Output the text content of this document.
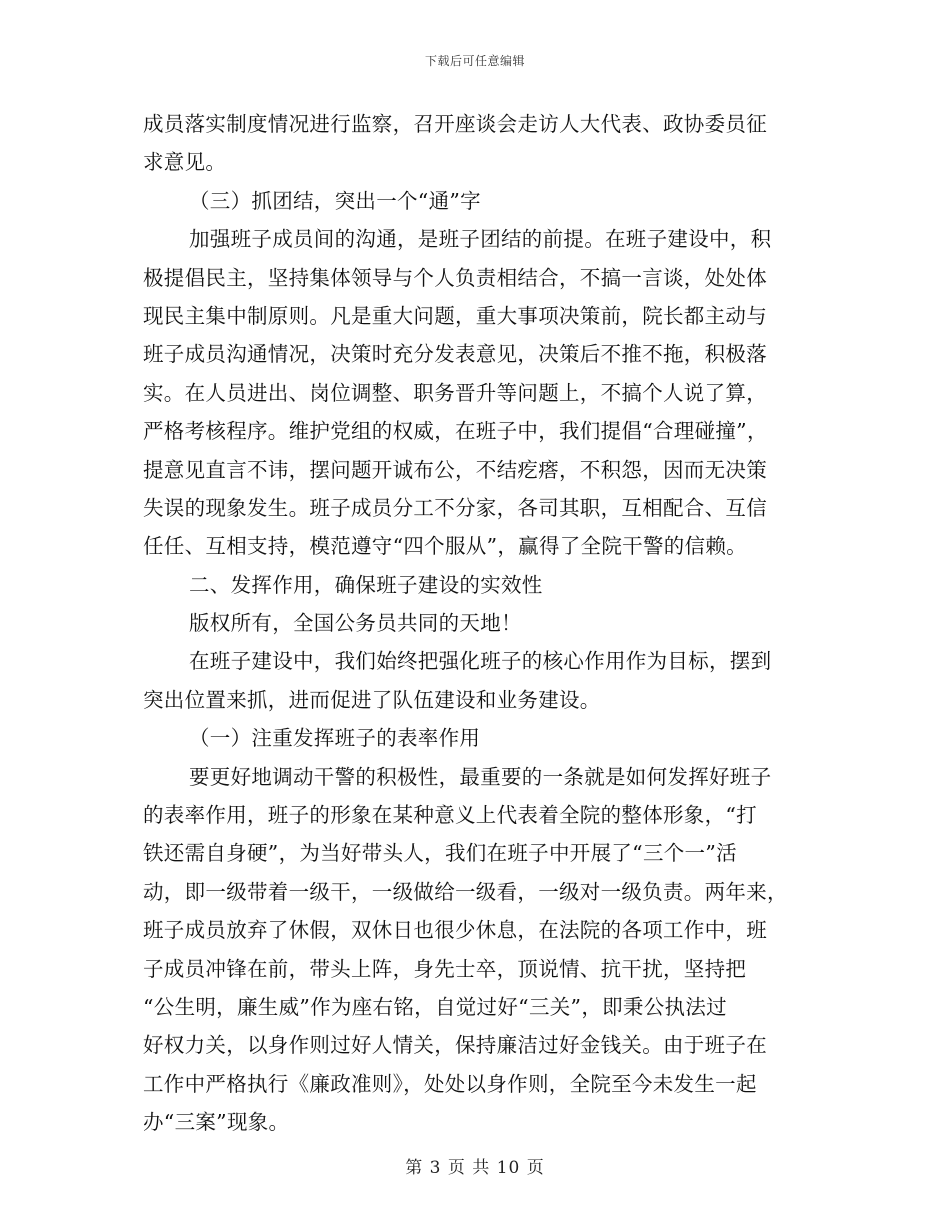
下载后可任意编辑
成员落实制度情况进行监察，召开座谈会走访人大代表、政协委员征
求意见。
（三）抓团结，突出一个“通”字
加强班子成员间的沟通，是班子团结的前提。在班子建设中，积
极提倡民主，坚持集体领导与个人负责相结合，不搞一言谈，处处体
现民主集中制原则。凡是重大问题，重大事项决策前，院长都主动与
班子成员沟通情况，决策时充分发表意见，决策后不推不拖，积极落
实。在人员进出、岗位调整、职务晋升等问题上，不搞个人说了算，
严格考核程序。维护党组的权威，在班子中，我们提倡“合理碰撞”，
提意见直言不讳，摆问题开诚布公，不结疙瘩，不积怨，因而无决策
失误的现象发生。班子成员分工不分家，各司其职，互相配合、互信
任任、互相支持，模范遵守“四个服从”，赢得了全院干警的信赖。
二、发挥作用，确保班子建设的实效性
版权所有，全国公务员共同的天地！
在班子建设中，我们始终把强化班子的核心作用作为目标，摆到
突出位置来抓，进而促进了队伍建设和业务建设。
（一）注重发挥班子的表率作用
要更好地调动干警的积极性，最重要的一条就是如何发挥好班子
的表率作用，班子的形象在某种意义上代表着全院的整体形象，“打
铁还需自身硬”，为当好带头人，我们在班子中开展了“三个一”活
动，即一级带着一级干，一级做给一级看，一级对一级负责。两年来，
班子成员放弃了休假，双休日也很少休息，在法院的各项工作中，班
子成员冲锋在前，带头上阵，身先士卒，顶说情、抗干扰，坚持把
“公生明，廉生威”作为座右铭，自觉过好“三关”，即秉公执法过
好权力关，以身作则过好人情关，保持廉洁过好金钱关。由于班子在
工作中严格执行《廉政准则》，处处以身作则，全院至今未发生一起
办“三案”现象。
第 3 页 共 10 页
